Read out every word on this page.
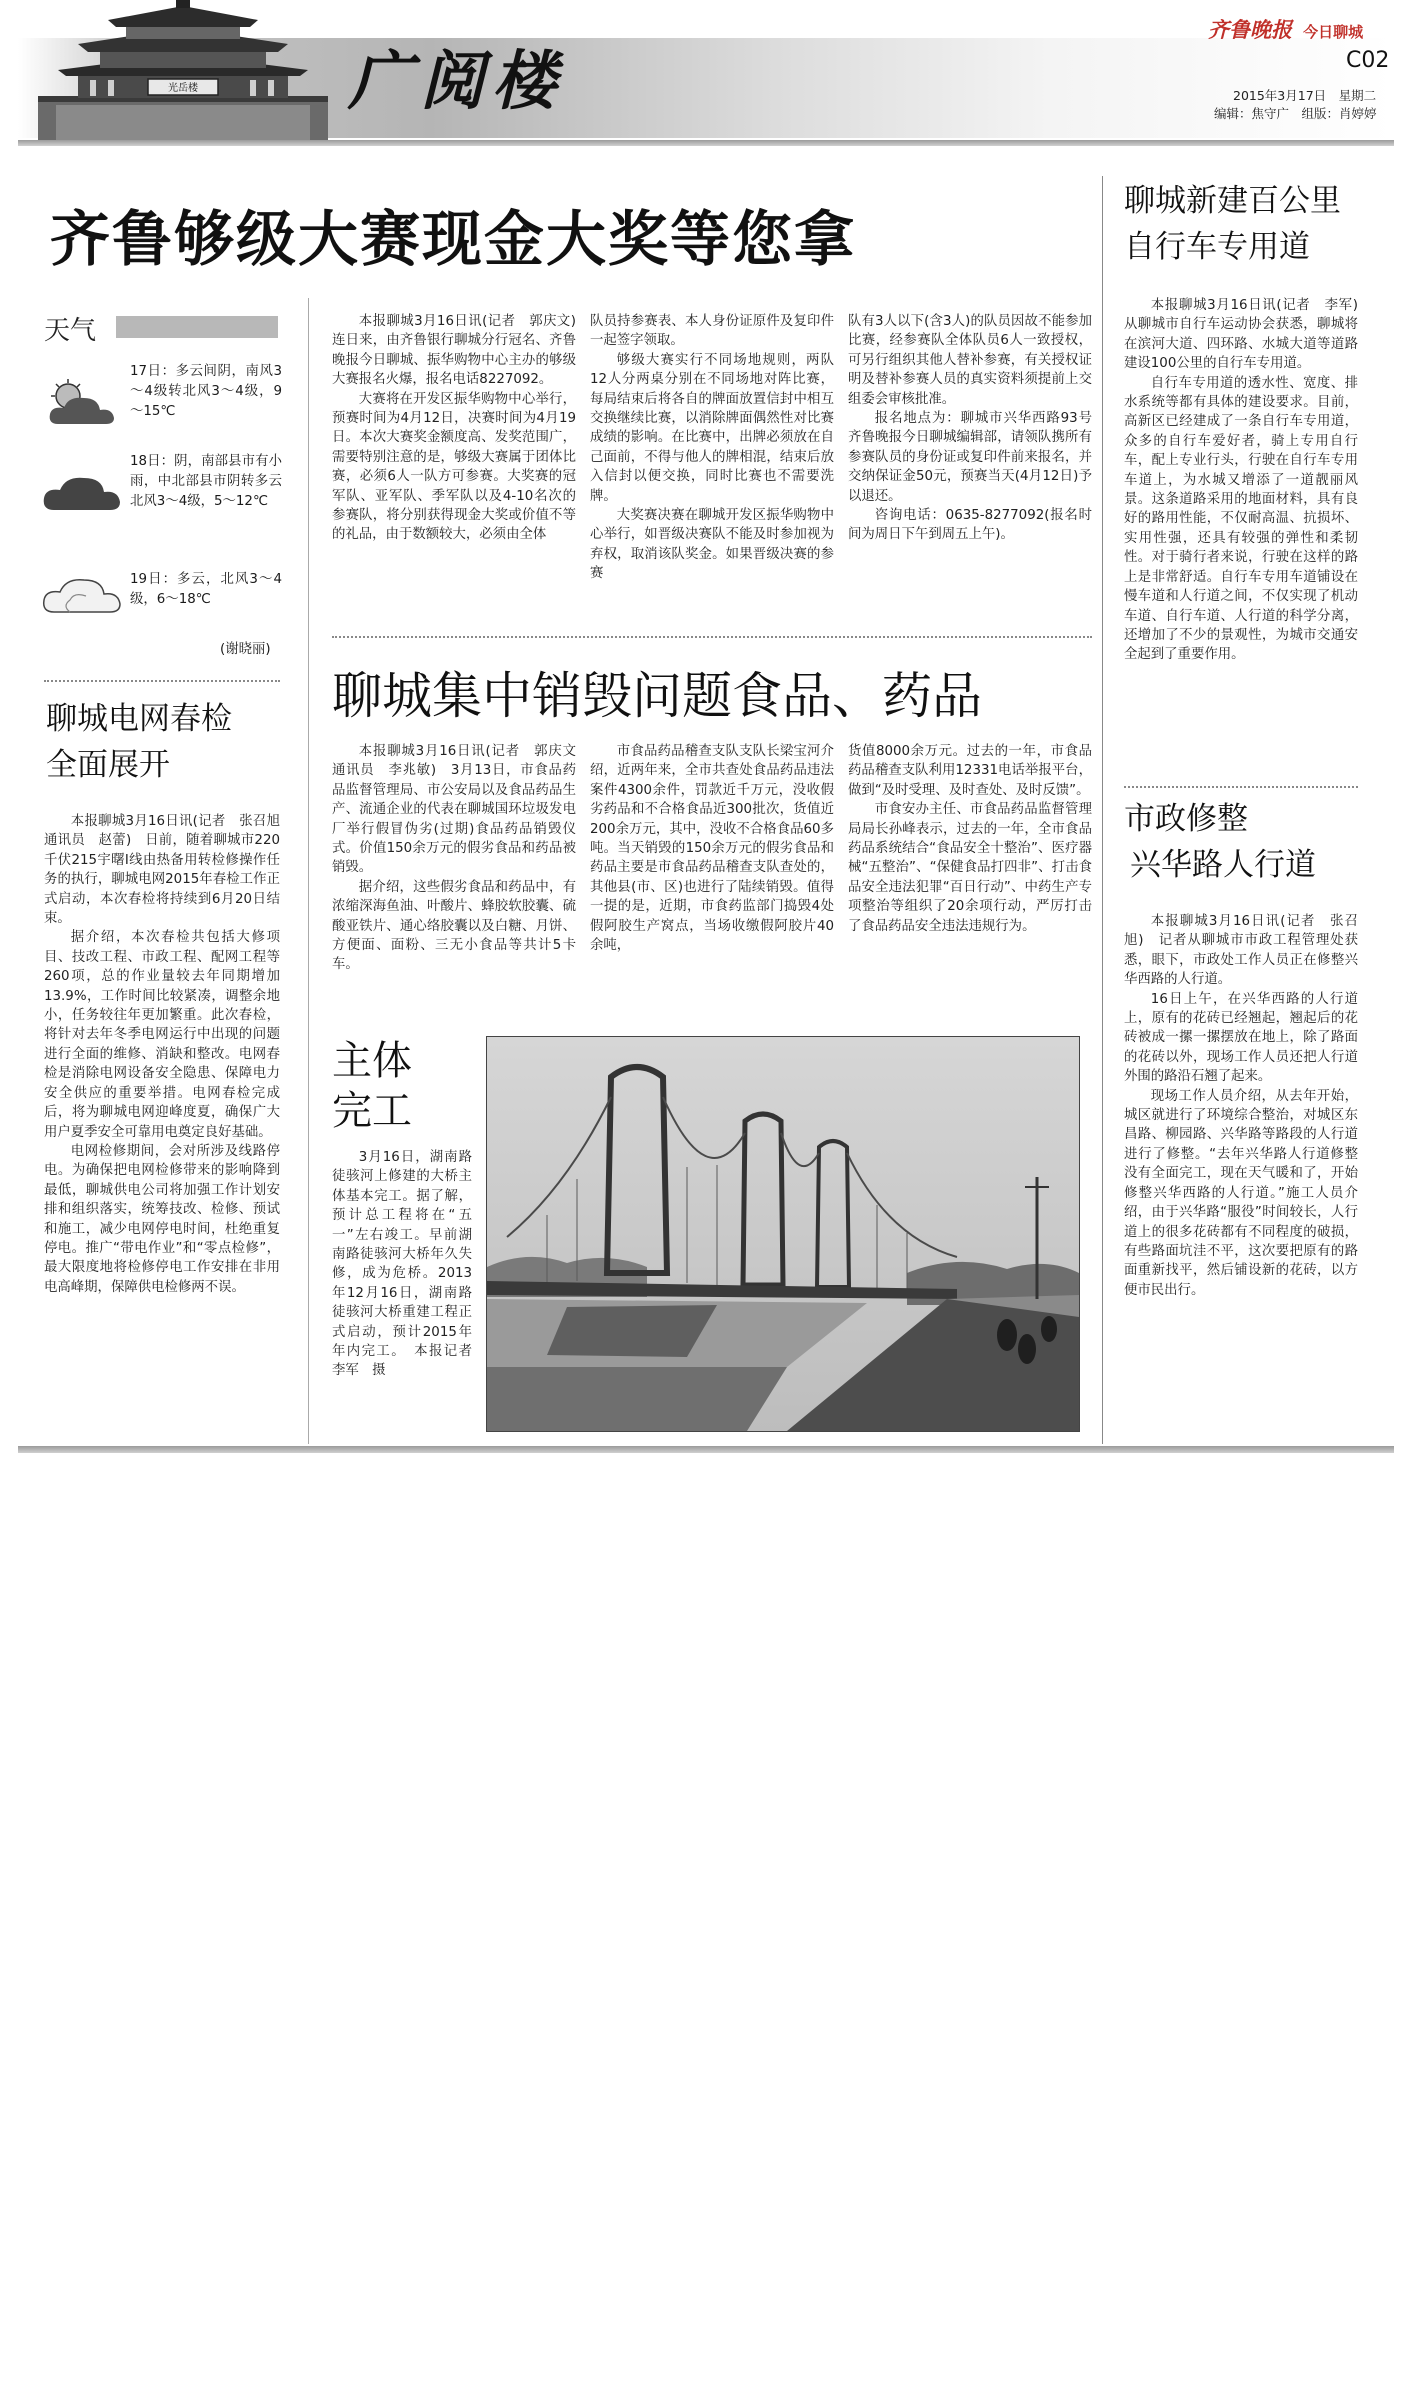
光岳楼 广阅楼
齐鲁晚报 今日聊城
C02
2015年3月17日　星期二
编辑：焦守广　组版：肖婷婷
齐鲁够级大赛现金大奖等您拿
天气
17日：多云间阴，南风3～4级转北风3～4级，9～15℃
18日：阴，南部县市有小雨，中北部县市阴转多云北风3～4级，5～12℃
19日：多云，北风3～4级，6～18℃
(谢晓丽)

本报聊城3月16日讯(记者　郭庆文)　连日来，由齐鲁银行聊城分行冠名、齐鲁晚报今日聊城、振华购物中心主办的够级大赛报名火爆，报名电话8227092。

大赛将在开发区振华购物中心举行，预赛时间为4月12日，决赛时间为4月19日。本次大赛奖金额度高、发奖范围广，需要特别注意的是，够级大赛属于团体比赛，必须6人一队方可参赛。大奖赛的冠军队、亚军队、季军队以及4-10名次的参赛队，将分别获得现金大奖或价值不等的礼品，由于数额较大，必须由全体

队员持参赛表、本人身份证原件及复印件一起签字领取。

够级大赛实行不同场地规则，两队12人分两桌分别在不同场地对阵比赛，每局结束后将各自的牌面放置信封中相互交换继续比赛，以消除牌面偶然性对比赛成绩的影响。在比赛中，出牌必须放在自己面前，不得与他人的牌相混，结束后放入信封以便交换，同时比赛也不需要洗牌。

大奖赛决赛在聊城开发区振华购物中心举行，如晋级决赛队不能及时参加视为弃权，取消该队奖金。如果晋级决赛的参赛

队有3人以下(含3人)的队员因故不能参加比赛，经参赛队全体队员6人一致授权，可另行组织其他人替补参赛，有关授权证明及替补参赛人员的真实资料须提前上交组委会审核批准。

报名地点为：聊城市兴华西路93号齐鲁晚报今日聊城编辑部，请领队携所有参赛队员的身份证或复印件前来报名，并交纳保证金50元，预赛当天(4月12日)予以退还。

咨询电话：0635-8277092(报名时间为周日下午到周五上午)。

聊城电网春检
全面展开

本报聊城3月16日讯(记者　张召旭　通讯员　赵蕾)　日前，随着聊城市220千伏215宇曙Ⅰ线由热备用转检修操作任务的执行，聊城电网2015年春检工作正式启动，本次春检将持续到6月20日结束。

据介绍，本次春检共包括大修项目、技改工程、市政工程、配网工程等260项，总的作业量较去年同期增加13.9%，工作时间比较紧凑，调整余地小，任务较往年更加繁重。此次春检，将针对去年冬季电网运行中出现的问题进行全面的维修、消缺和整改。电网春检是消除电网设备安全隐患、保障电力安全供应的重要举措。电网春检完成后，将为聊城电网迎峰度夏，确保广大用户夏季安全可靠用电奠定良好基础。

电网检修期间，会对所涉及线路停电。为确保把电网检修带来的影响降到最低，聊城供电公司将加强工作计划安排和组织落实，统筹技改、检修、预试和施工，减少电网停电时间，杜绝重复停电。推广“带电作业”和“零点检修”，最大限度地将检修停电工作安排在非用电高峰期，保障供电检修两不误。

聊城集中销毁问题食品、药品

本报聊城3月16日讯(记者　郭庆文　通讯员　李兆敏)　3月13日，市食品药品监督管理局、市公安局以及食品药品生产、流通企业的代表在聊城国环垃圾发电厂举行假冒伪劣(过期)食品药品销毁仪式。价值150余万元的假劣食品和药品被销毁。

据介绍，这些假劣食品和药品中，有浓缩深海鱼油、叶酸片、蜂胶软胶囊、硫酸亚铁片、通心络胶囊以及白糖、月饼、方便面、面粉、三无小食品等共计5卡车。

市食品药品稽查支队支队长梁宝河介绍，近两年来，全市共查处食品药品违法案件4300余件，罚款近千万元，没收假劣药品和不合格食品近300批次，货值近200余万元，其中，没收不合格食品60多吨。当天销毁的150余万元的假劣食品和药品主要是市食品药品稽查支队查处的，其他县(市、区)也进行了陆续销毁。值得一提的是，近期，市食药监部门捣毁4处假阿胶生产窝点，当场收缴假阿胶片40余吨，

货值8000余万元。过去的一年，市食品药品稽查支队利用12331电话举报平台，做到“及时受理、及时查处、及时反馈”。

市食安办主任、市食品药品监督管理局局长孙峰表示，过去的一年，全市食品药品系统结合“食品安全十整治”、医疗器械“五整治”、“保健食品打四非”、打击食品安全违法犯罪“百日行动”、中药生产专项整治等组织了20余项行动，严厉打击了食品药品安全违法违规行为。

主体
完工

3月16日，湖南路徒骇河上修建的大桥主体基本完工。据了解，预计总工程将在“五一”左右竣工。早前湖南路徒骇河大桥年久失修，成为危桥。2013年12月16日，湖南路徒骇河大桥重建工程正式启动，预计2015年年内完工。　本报记者　李军　摄

聊城新建百公里
自行车专用道

本报聊城3月16日讯(记者　李军)　从聊城市自行车运动协会获悉，聊城将在滨河大道、四环路、水城大道等道路建设100公里的自行车专用道。

自行车专用道的透水性、宽度、排水系统等都有具体的建设要求。目前，高新区已经建成了一条自行车专用道，众多的自行车爱好者，骑上专用自行车，配上专业行头，行驶在自行车专用车道上，为水城又增添了一道靓丽风景。这条道路采用的地面材料，具有良好的路用性能，不仅耐高温、抗损坏、实用性强，还具有较强的弹性和柔韧性。对于骑行者来说，行驶在这样的路上是非常舒适。自行车专用车道铺设在慢车道和人行道之间，不仅实现了机动车道、自行车道、人行道的科学分离，还增加了不少的景观性，为城市交通安全起到了重要作用。

市政修整
兴华路人行道

本报聊城3月16日讯(记者　张召旭)　记者从聊城市市政工程管理处获悉，眼下，市政处工作人员正在修整兴华西路的人行道。

16日上午，在兴华西路的人行道上，原有的花砖已经翘起，翘起后的花砖被成一摞一摞摆放在地上，除了路面的花砖以外，现场工作人员还把人行道外围的路沿石翘了起来。

现场工作人员介绍，从去年开始，城区就进行了环境综合整治，对城区东昌路、柳园路、兴华路等路段的人行道进行了修整。“去年兴华路人行道修整没有全面完工，现在天气暖和了，开始修整兴华西路的人行道。”施工人员介绍，由于兴华路“服役”时间较长，人行道上的很多花砖都有不同程度的破损，有些路面坑洼不平，这次要把原有的路面重新找平，然后铺设新的花砖，以方便市民出行。
